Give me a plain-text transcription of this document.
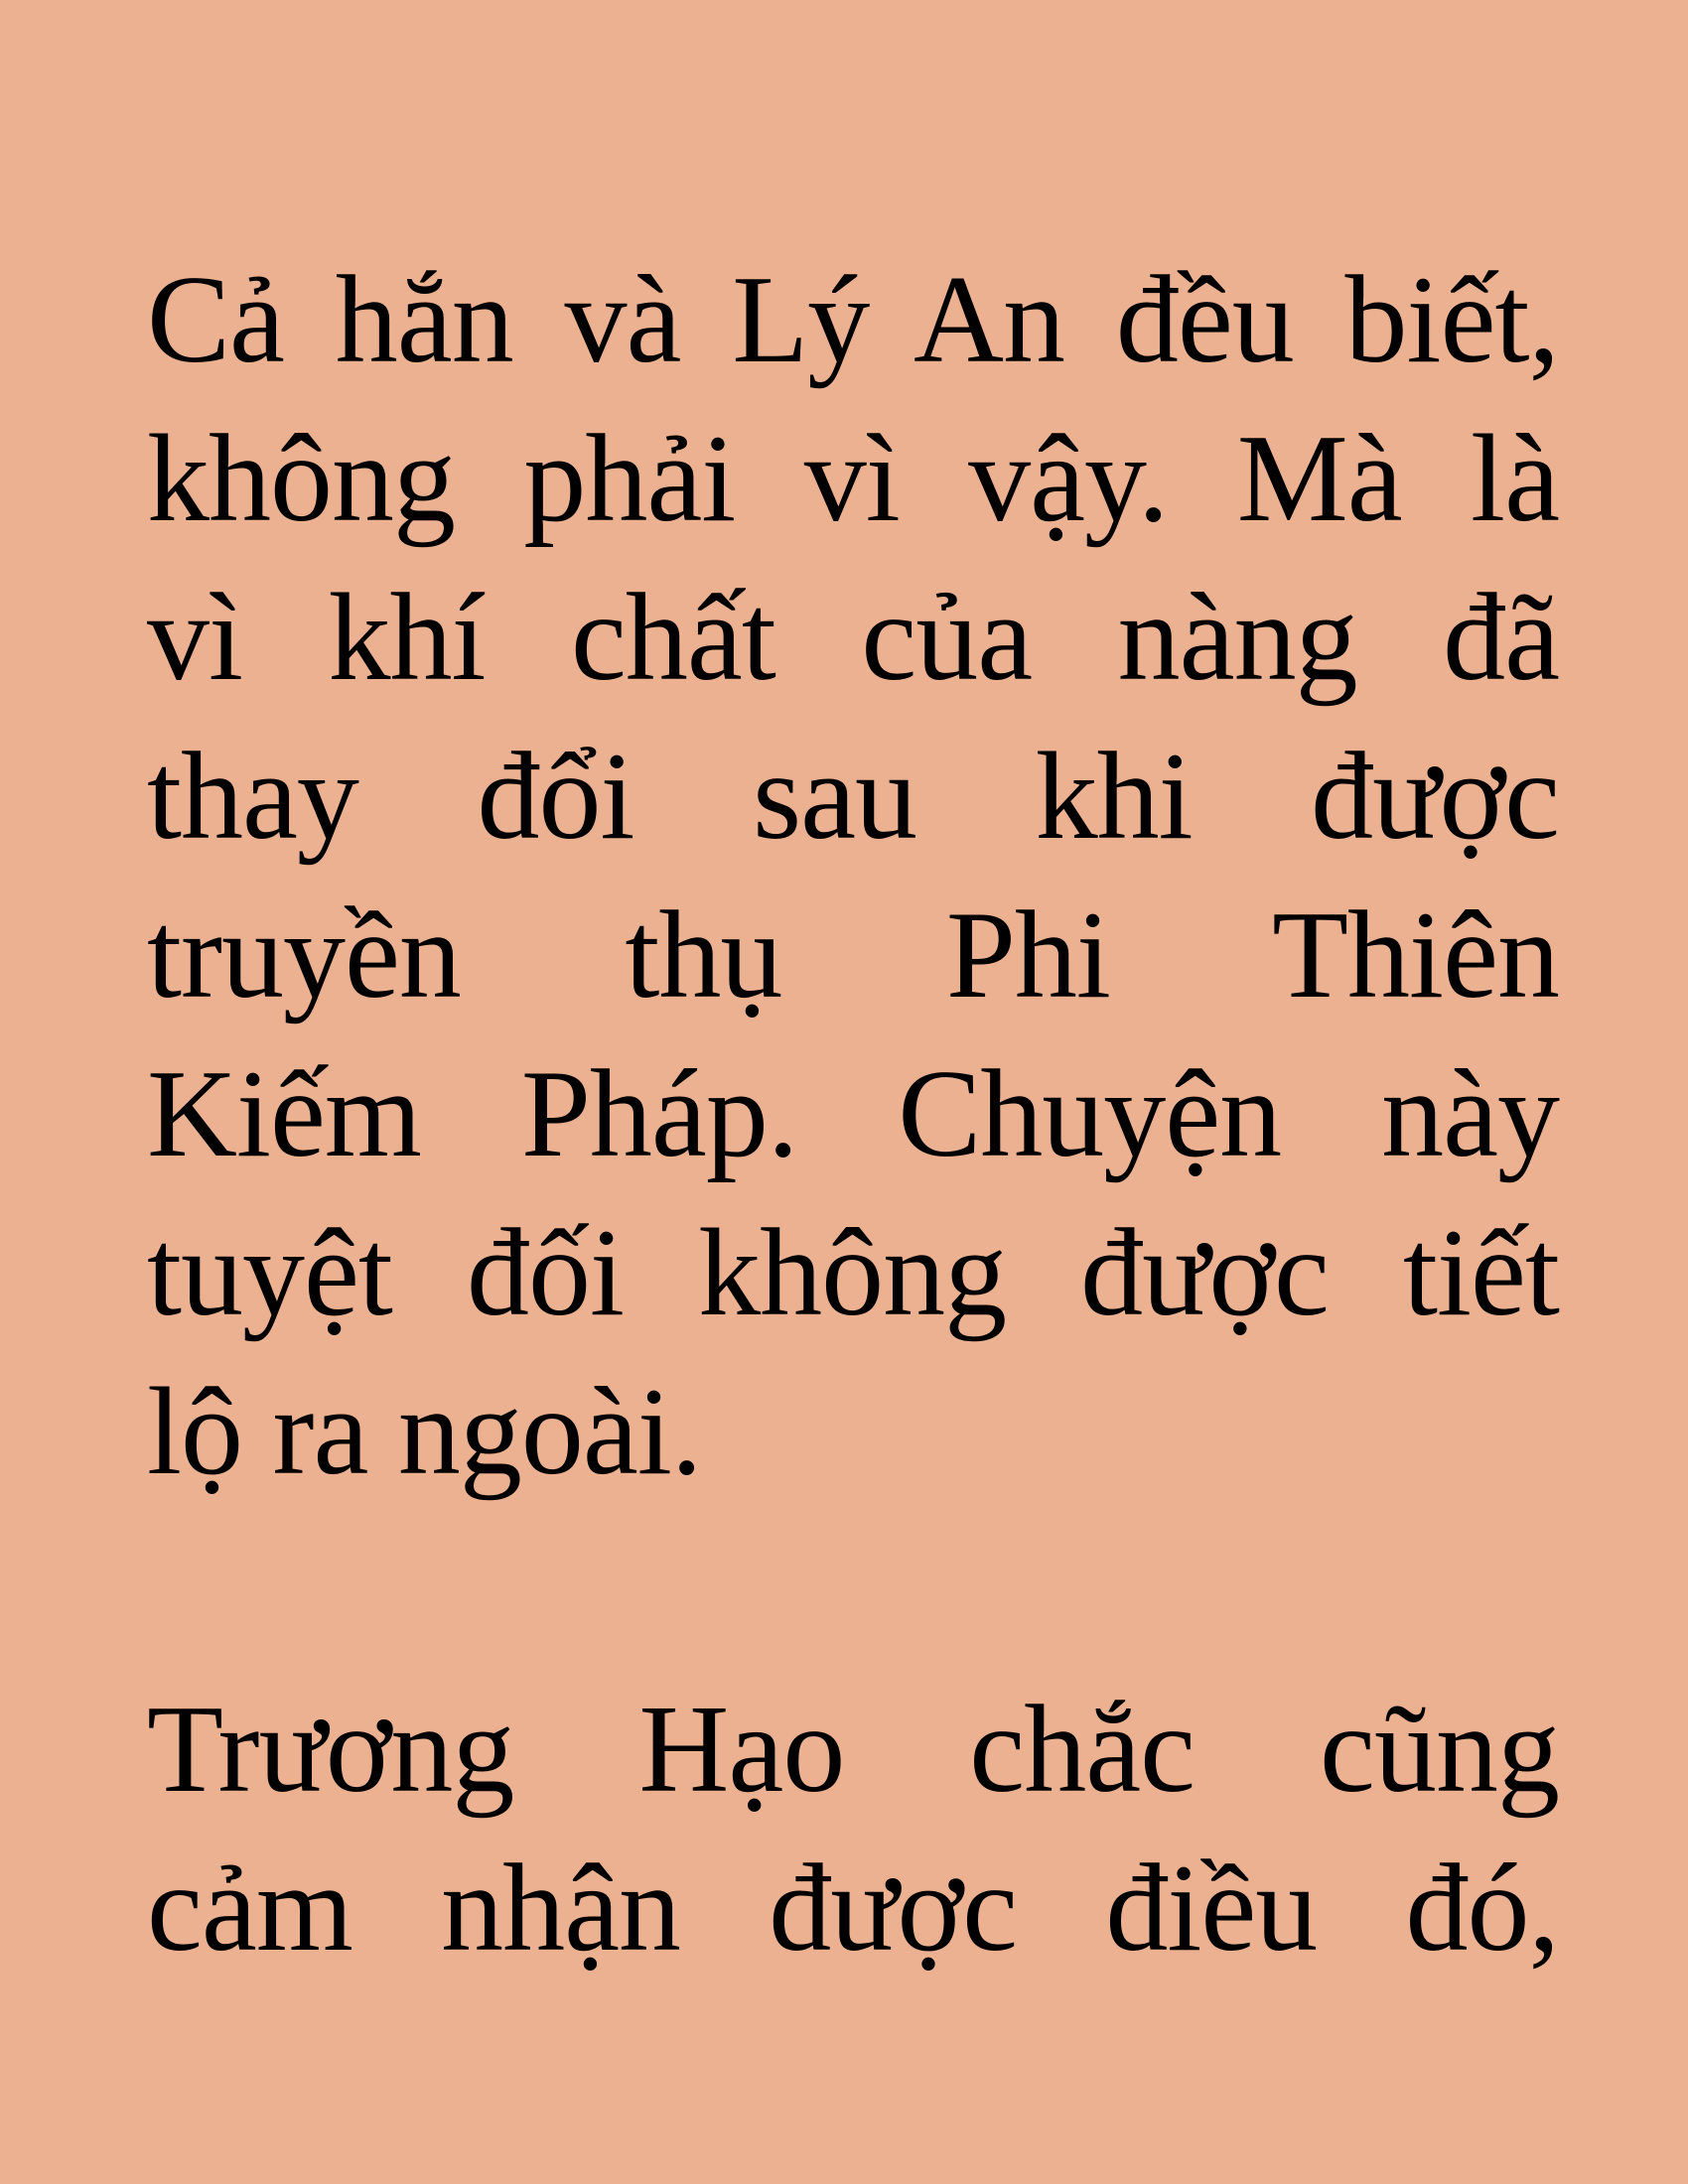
Cả hắn và Lý An đều biết,
không phải vì vậy. Mà là
vì khí chất của nàng đã
thay đổi sau khi được
truyền thụ Phi Thiên
Kiếm Pháp. Chuyện này
tuyệt đối không được tiết
lộ ra ngoài.
Trương Hạo chắc cũng
cảm nhận được điều đó,
